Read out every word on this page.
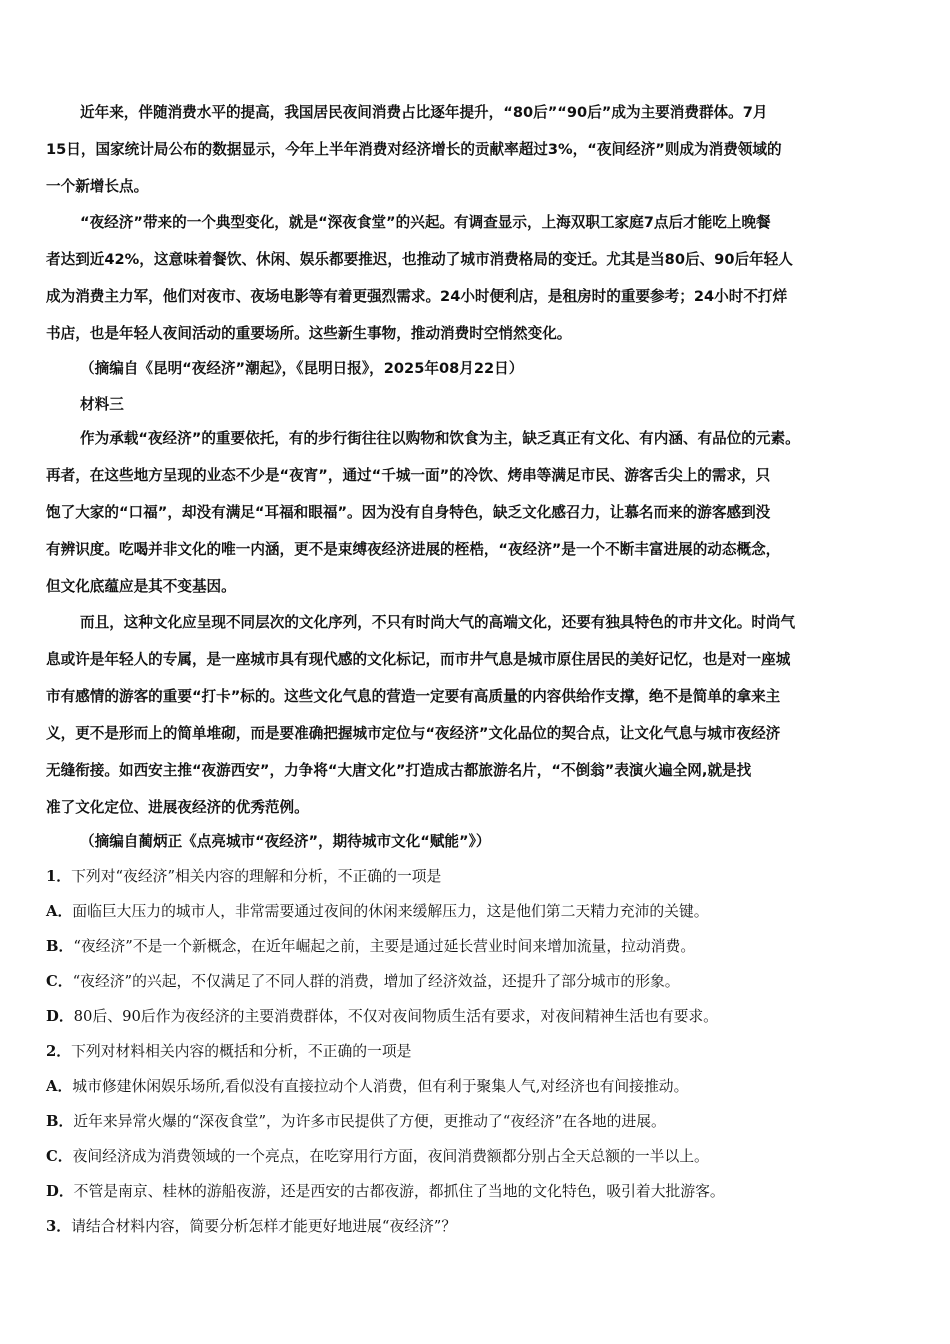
近年来，伴随消费水平的提高，我国居民夜间消费占比逐年提升，“80后”“90后”成为主要消费群体。7月
15日，国家统计局公布的数据显示，今年上半年消费对经济增长的贡献率超过3%，“夜间经济”则成为消费领域的
一个新增长点。
“夜经济”带来的一个典型变化，就是“深夜食堂”的兴起。有调查显示，上海双职工家庭7点后才能吃上晚餐
者达到近42%，这意味着餐饮、休闲、娱乐都要推迟，也推动了城市消费格局的变迁。尤其是当80后、90后年轻人
成为消费主力军，他们对夜市、夜场电影等有着更强烈需求。24小时便利店，是租房时的重要参考；24小时不打烊
书店，也是年轻人夜间活动的重要场所。这些新生事物，推动消费时空悄然变化。
（摘编自《昆明“夜经济”潮起》，《昆明日报》，2025年08月22日）
材料三
作为承载“夜经济”的重要依托，有的步行街往往以购物和饮食为主，缺乏真正有文化、有内涵、有品位的元素。
再者，在这些地方呈现的业态不少是“夜宵”，通过“千城一面”的冷饮、烤串等满足市民、游客舌尖上的需求，只
饱了大家的“口福”，却没有满足“耳福和眼福”。因为没有自身特色，缺乏文化感召力，让慕名而来的游客感到没
有辨识度。吃喝并非文化的唯一内涵，更不是束缚夜经济进展的桎梏，“夜经济”是一个不断丰富进展的动态概念，
但文化底蕴应是其不变基因。
而且，这种文化应呈现不同层次的文化序列，不只有时尚大气的高端文化，还要有独具特色的市井文化。时尚气
息或许是年轻人的专属，是一座城市具有现代感的文化标记，而市井气息是城市原住居民的美好记忆，也是对一座城
市有感情的游客的重要“打卡”标的。这些文化气息的营造一定要有高质量的内容供给作支撑，绝不是简单的拿来主
义，更不是形而上的简单堆砌，而是要准确把握城市定位与“夜经济”文化品位的契合点，让文化气息与城市夜经济
无缝衔接。如西安主推“夜游西安”，力争将“大唐文化”打造成古都旅游名片，“不倒翁”表演火遍全网,就是找
准了文化定位、进展夜经济的优秀范例。
（摘编自蔺炳正《点亮城市“夜经济”，期待城市文化“赋能”》）
1．下列对“夜经济”相关内容的理解和分析，不正确的一项是
A．面临巨大压力的城市人，非常需要通过夜间的休闲来缓解压力，这是他们第二天精力充沛的关键。
B．“夜经济”不是一个新概念，在近年崛起之前，主要是通过延长营业时间来增加流量，拉动消费。
C．“夜经济”的兴起，不仅满足了不同人群的消费，增加了经济效益，还提升了部分城市的形象。
D．80后、90后作为夜经济的主要消费群体，不仅对夜间物质生活有要求，对夜间精神生活也有要求。
2．下列对材料相关内容的概括和分析，不正确的一项是
A．城市修建休闲娱乐场所,看似没有直接拉动个人消费，但有利于聚集人气,对经济也有间接推动。
B．近年来异常火爆的“深夜食堂”，为许多市民提供了方便，更推动了“夜经济”在各地的进展。
C．夜间经济成为消费领域的一个亮点，在吃穿用行方面，夜间消费额都分别占全天总额的一半以上。
D．不管是南京、桂林的游船夜游，还是西安的古都夜游，都抓住了当地的文化特色，吸引着大批游客。
3．请结合材料内容，简要分析怎样才能更好地进展“夜经济”？
